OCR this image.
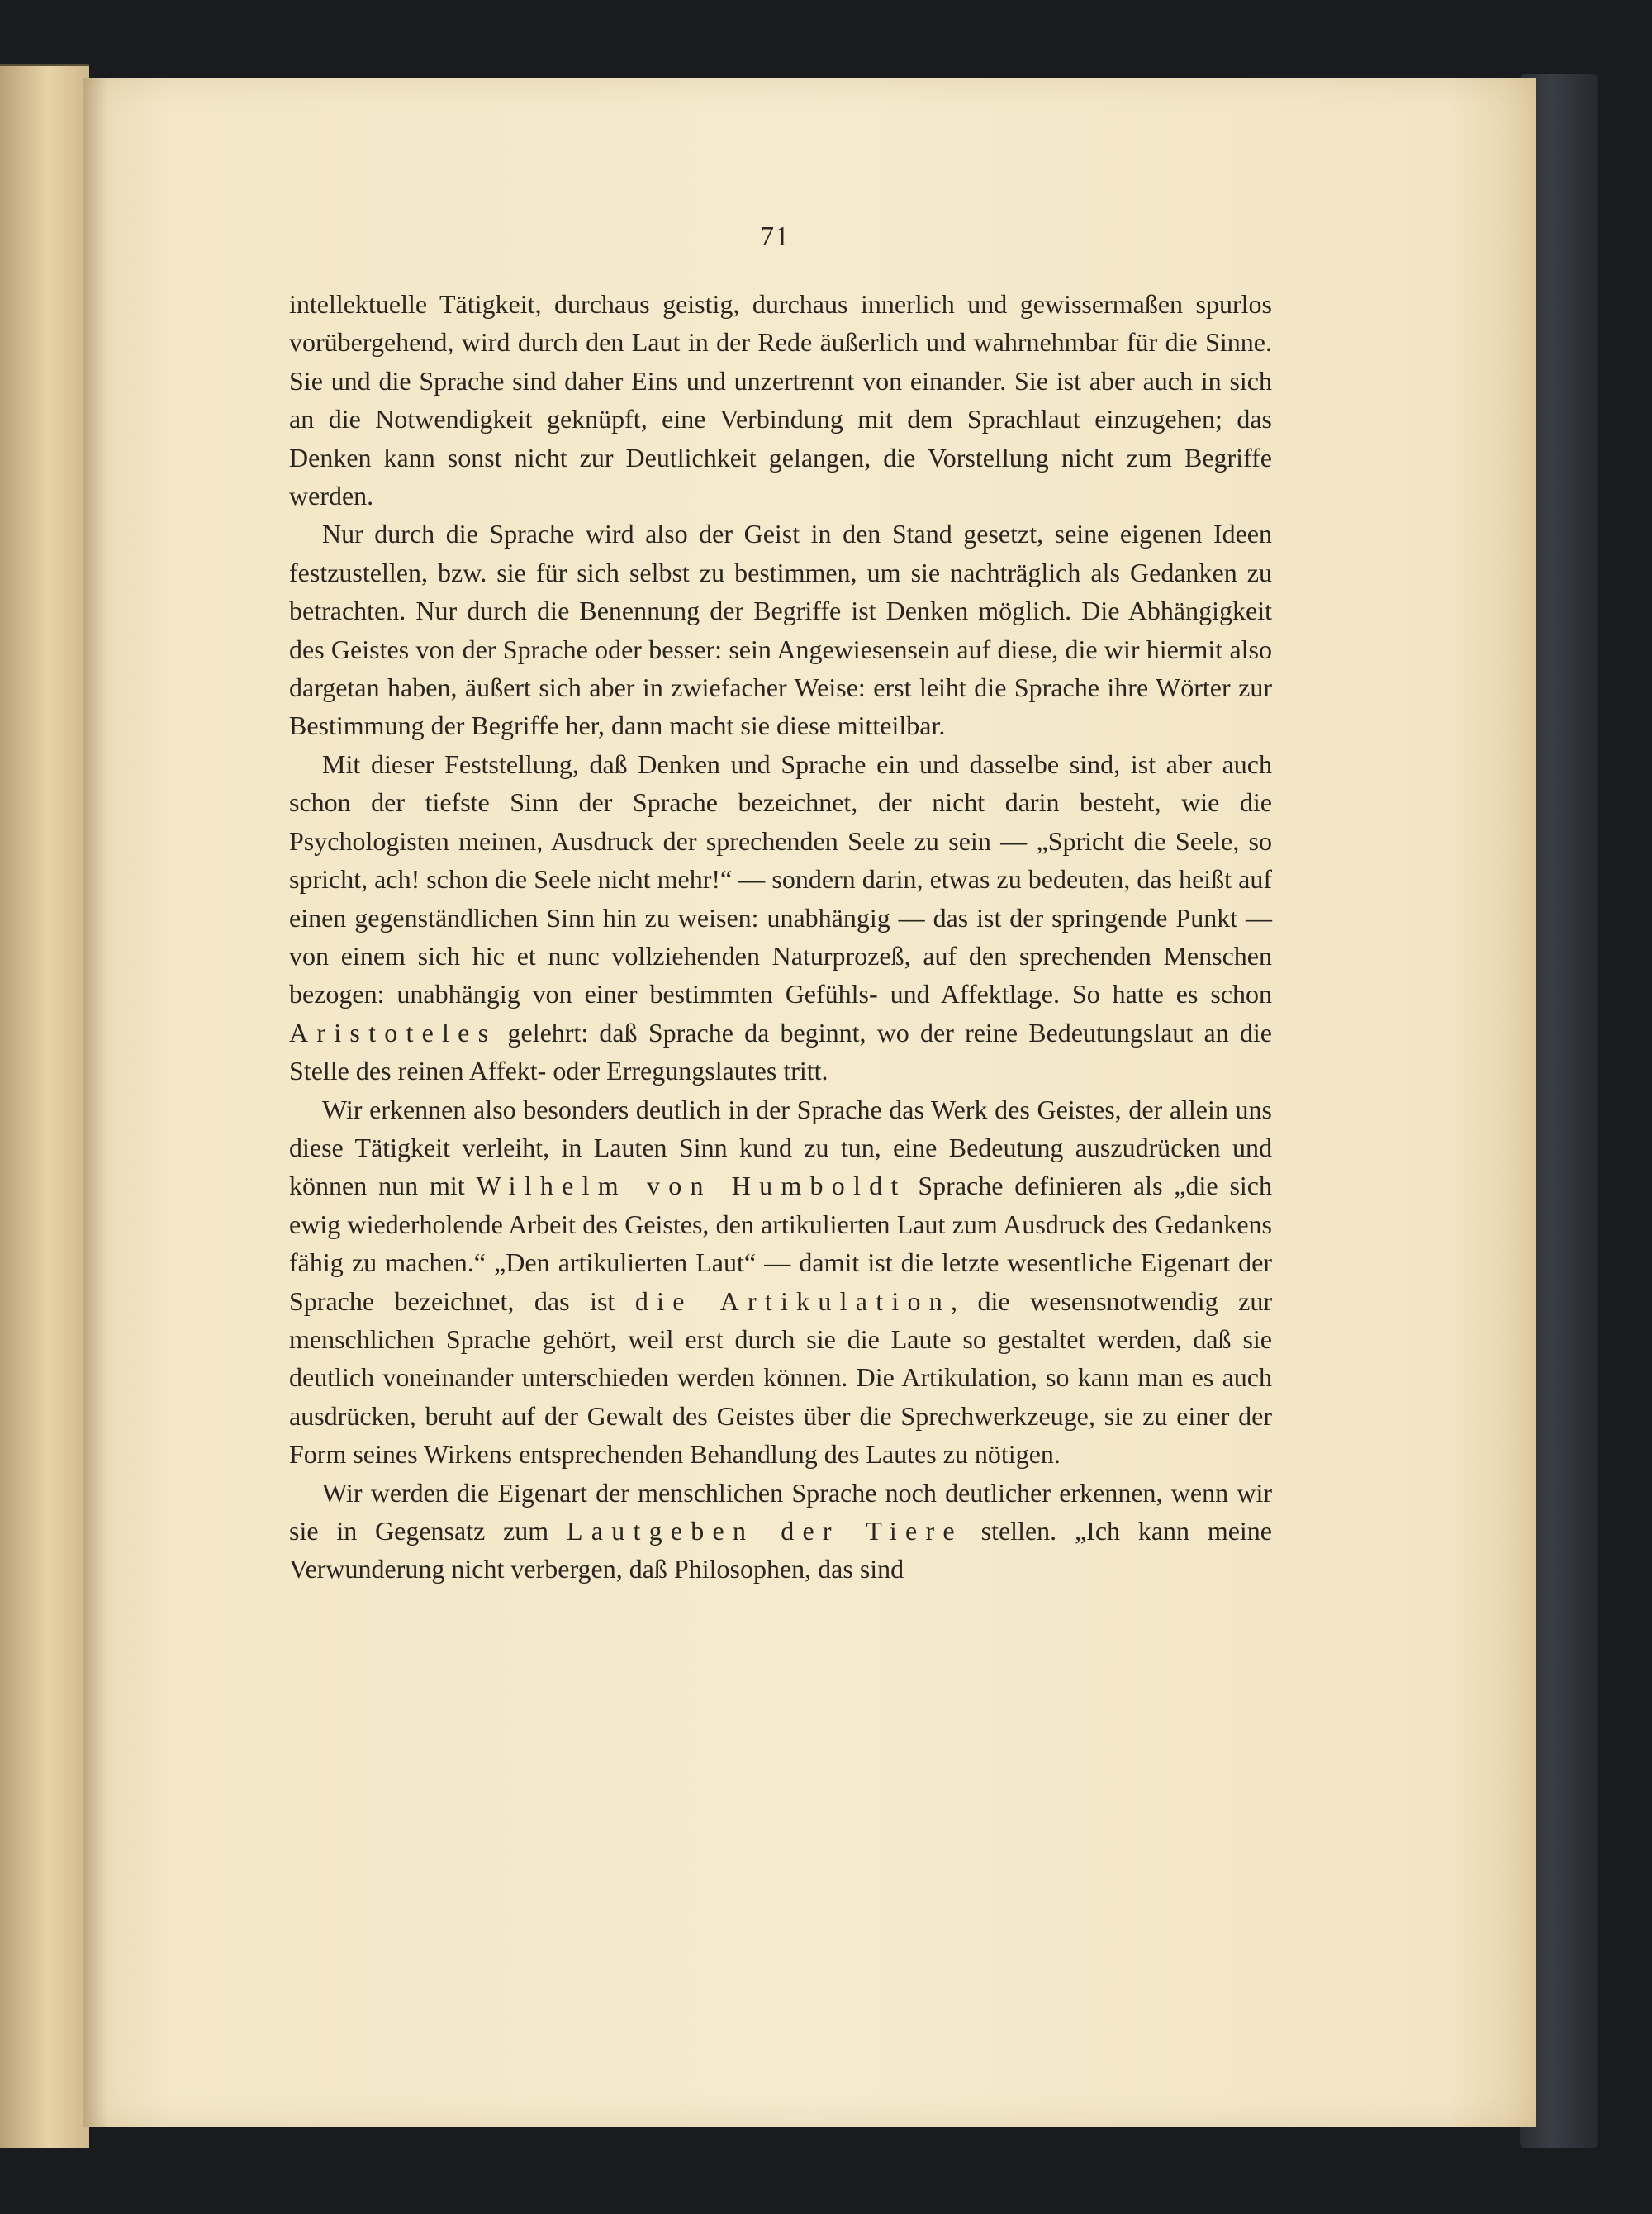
71

intellektuelle Tätigkeit, durchaus geistig, durchaus innerlich und gewissermaßen spurlos vorübergehend, wird durch den Laut in der Rede äußerlich und wahrnehmbar für die Sinne. Sie und die Sprache sind daher Eins und unzertrennt von einander. Sie ist aber auch in sich an die Notwendigkeit geknüpft, eine Verbindung mit dem Sprachlaut einzugehen; das Denken kann sonst nicht zur Deutlichkeit gelangen, die Vorstellung nicht zum Begriffe werden.

Nur durch die Sprache wird also der Geist in den Stand gesetzt, seine eigenen Ideen festzustellen, bzw. sie für sich selbst zu bestimmen, um sie nachträglich als Gedanken zu betrachten. Nur durch die Benennung der Begriffe ist Denken möglich. Die Abhängigkeit des Geistes von der Sprache oder besser: sein Angewiesensein auf diese, die wir hiermit also dargetan haben, äußert sich aber in zwiefacher Weise: erst leiht die Sprache ihre Wörter zur Bestimmung der Begriffe her, dann macht sie diese mitteilbar.

Mit dieser Feststellung, daß Denken und Sprache ein und dasselbe sind, ist aber auch schon der tiefste Sinn der Sprache bezeichnet, der nicht darin besteht, wie die Psychologisten meinen, Ausdruck der sprechenden Seele zu sein — „Spricht die Seele, so spricht, ach! schon die Seele nicht mehr!“ — sondern darin, etwas zu bedeuten, das heißt auf einen gegenständlichen Sinn hin zu weisen: unabhängig — das ist der springende Punkt — von einem sich hic et nunc vollziehenden Naturprozeß, auf den sprechenden Menschen bezogen: unabhängig von einer bestimmten Gefühls- und Affektlage. So hatte es schon Aristoteles gelehrt: daß Sprache da beginnt, wo der reine Bedeutungslaut an die Stelle des reinen Affekt- oder Erregungslautes tritt.

Wir erkennen also besonders deutlich in der Sprache das Werk des Geistes, der allein uns diese Tätigkeit verleiht, in Lauten Sinn kund zu tun, eine Bedeutung auszudrücken und können nun mit Wilhelm von Humboldt Sprache definieren als „die sich ewig wiederholende Arbeit des Geistes, den artikulierten Laut zum Ausdruck des Gedankens fähig zu machen.“ „Den artikulierten Laut“ — damit ist die letzte wesentliche Eigenart der Sprache bezeichnet, das ist die Artikulation, die wesensnotwendig zur menschlichen Sprache gehört, weil erst durch sie die Laute so gestaltet werden, daß sie deutlich voneinander unterschieden werden können. Die Artikulation, so kann man es auch ausdrücken, beruht auf der Gewalt des Geistes über die Sprechwerkzeuge, sie zu einer der Form seines Wirkens entsprechenden Behandlung des Lautes zu nötigen.

Wir werden die Eigenart der menschlichen Sprache noch deutlicher erkennen, wenn wir sie in Gegensatz zum Lautgeben der Tiere stellen. „Ich kann meine Verwunderung nicht verbergen, daß Philosophen, das sind
